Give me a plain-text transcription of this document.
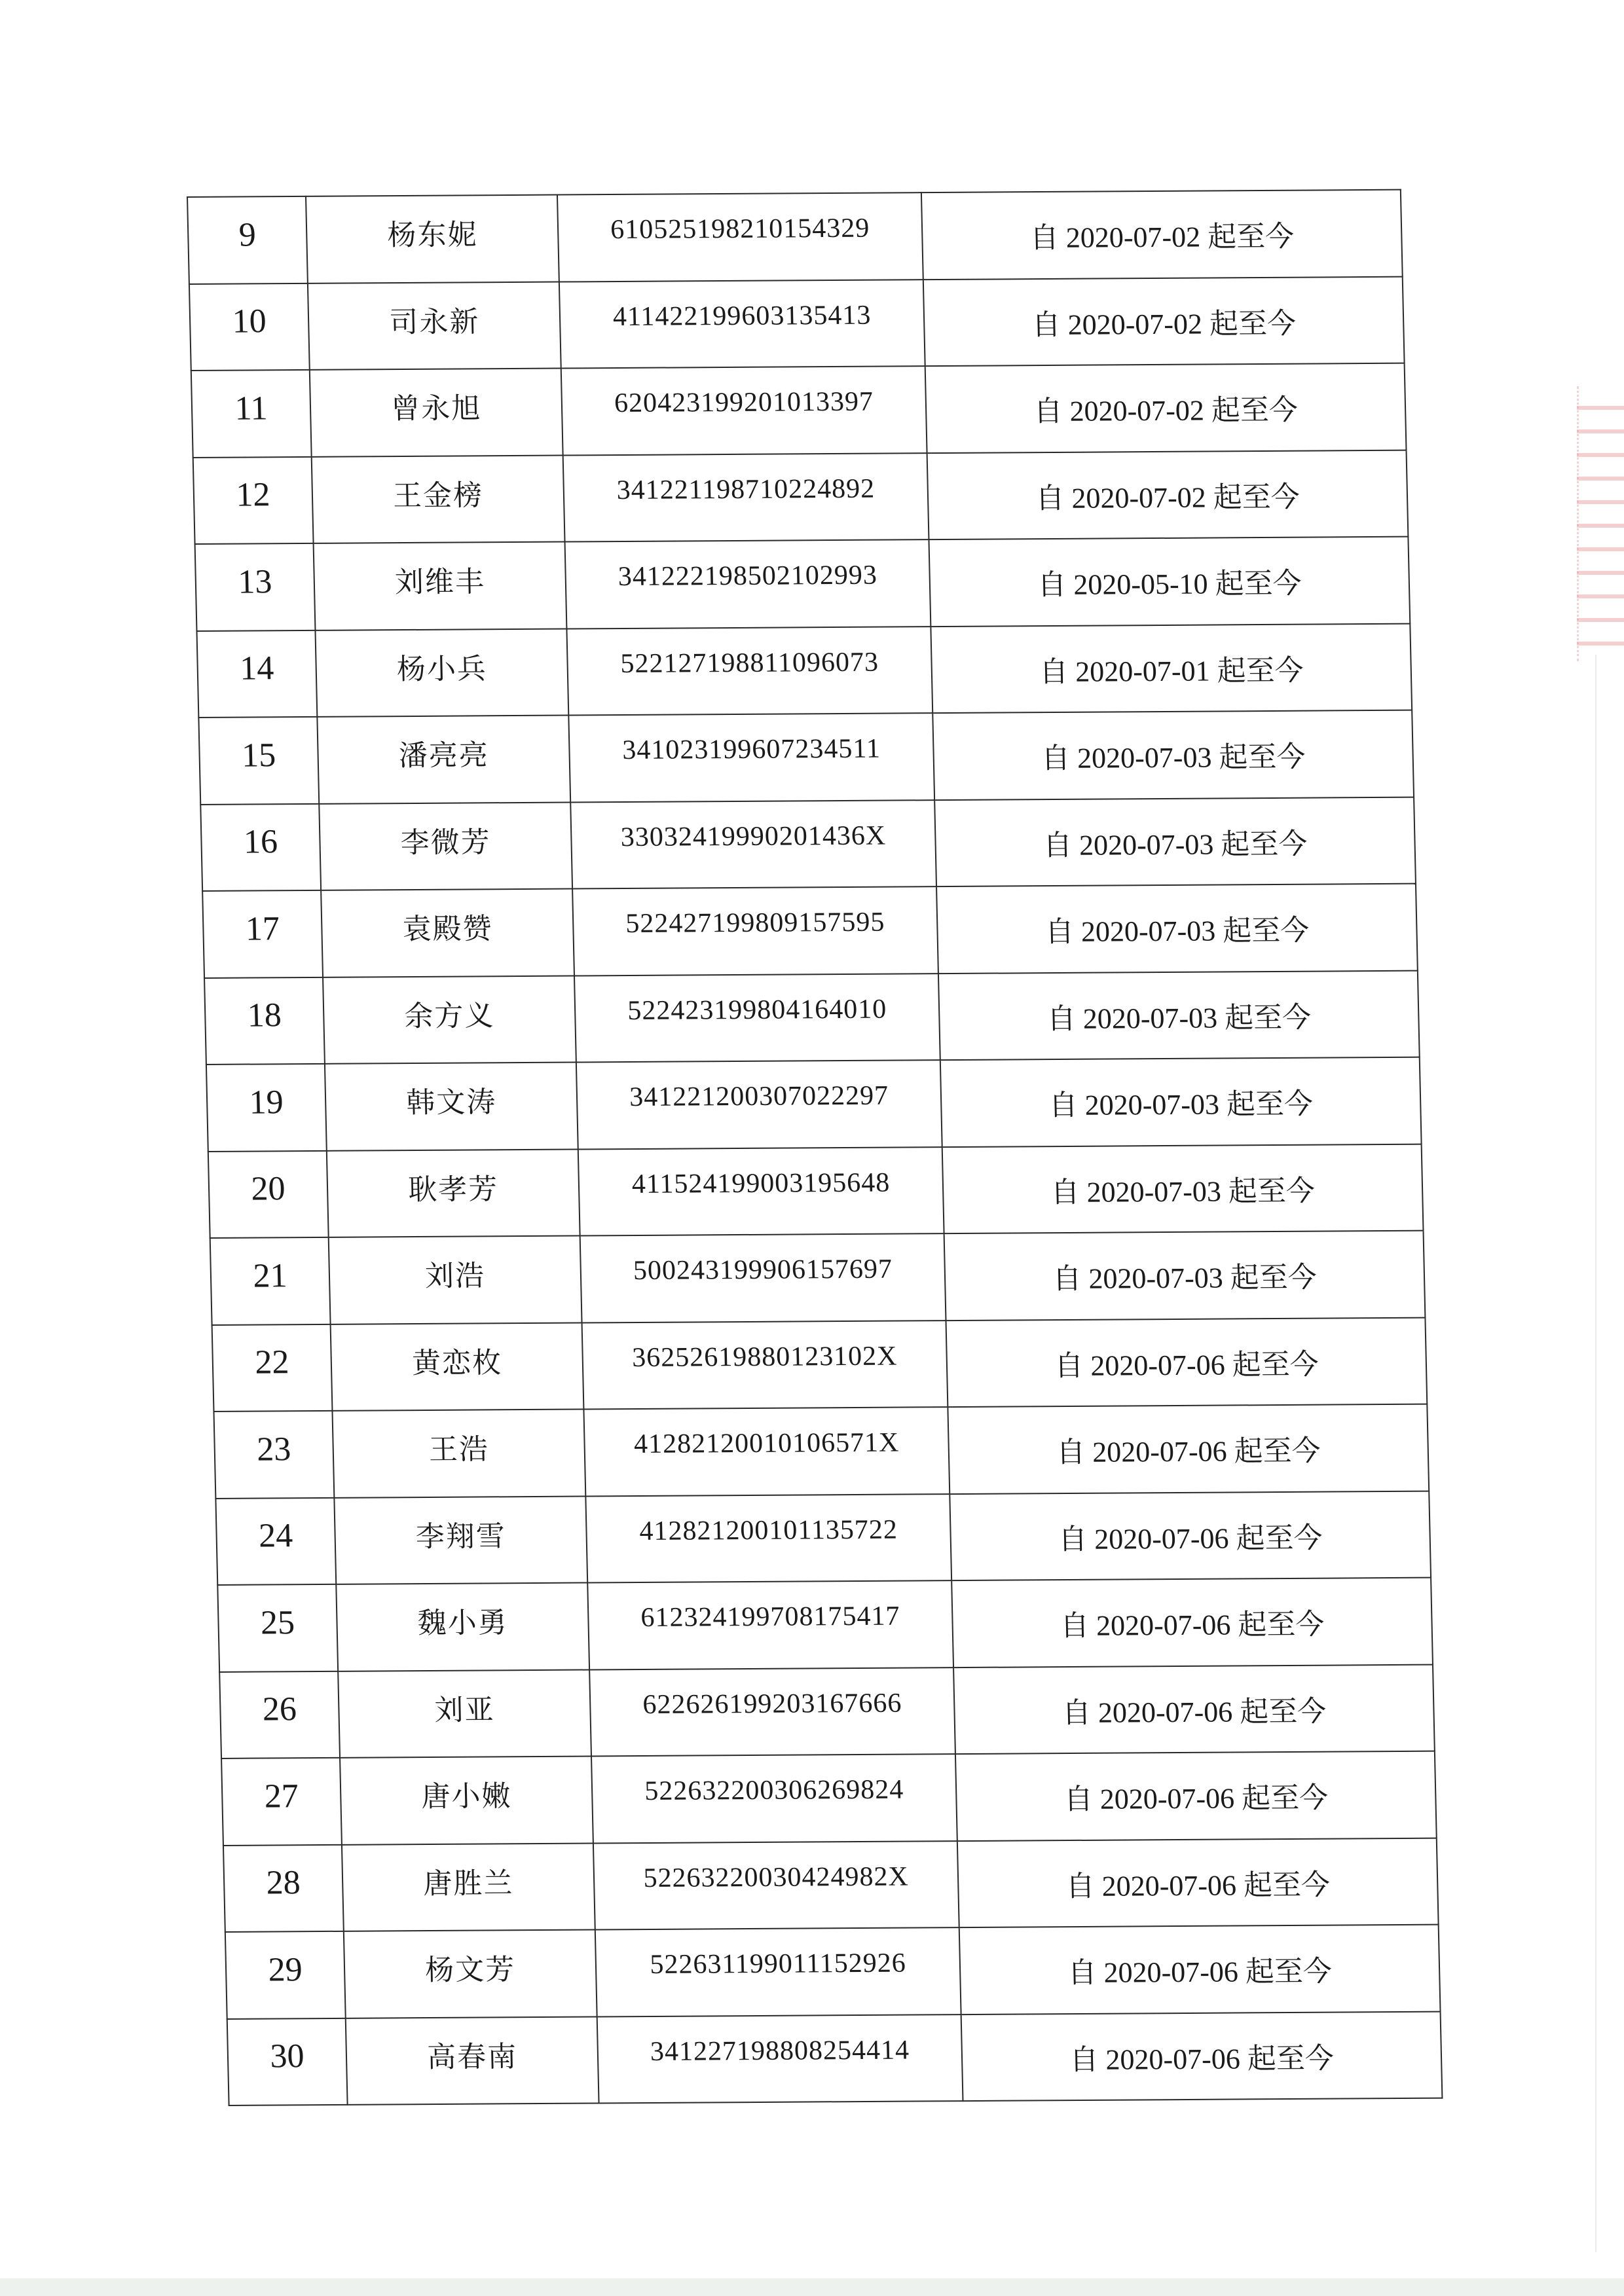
9	杨东妮	610525198210154329	自 2020-07-02 起至今
10	司永新	411422199603135413	自 2020-07-02 起至今
11	曾永旭	620423199201013397	自 2020-07-02 起至今
12	王金榜	341221198710224892	自 2020-07-02 起至今
13	刘维丰	341222198502102993	自 2020-05-10 起至今
14	杨小兵	522127198811096073	自 2020-07-01 起至今
15	潘亮亮	341023199607234511	自 2020-07-03 起至今
16	李微芳	33032419990201436X	自 2020-07-03 起至今
17	袁殿赞	522427199809157595	自 2020-07-03 起至今
18	余方义	522423199804164010	自 2020-07-03 起至今
19	韩文涛	341221200307022297	自 2020-07-03 起至今
20	耿孝芳	411524199003195648	自 2020-07-03 起至今
21	刘浩	500243199906157697	自 2020-07-03 起至今
22	黄恋枚	36252619880123102X	自 2020-07-06 起至今
23	王浩	41282120010106571X	自 2020-07-06 起至今
24	李翔雪	412821200101135722	自 2020-07-06 起至今
25	魏小勇	612324199708175417	自 2020-07-06 起至今
26	刘亚	622626199203167666	自 2020-07-06 起至今
27	唐小嫩	522632200306269824	自 2020-07-06 起至今
28	唐胜兰	52263220030424982X	自 2020-07-06 起至今
29	杨文芳	522631199011152926	自 2020-07-06 起至今
30	高春南	341227198808254414	自 2020-07-06 起至今
